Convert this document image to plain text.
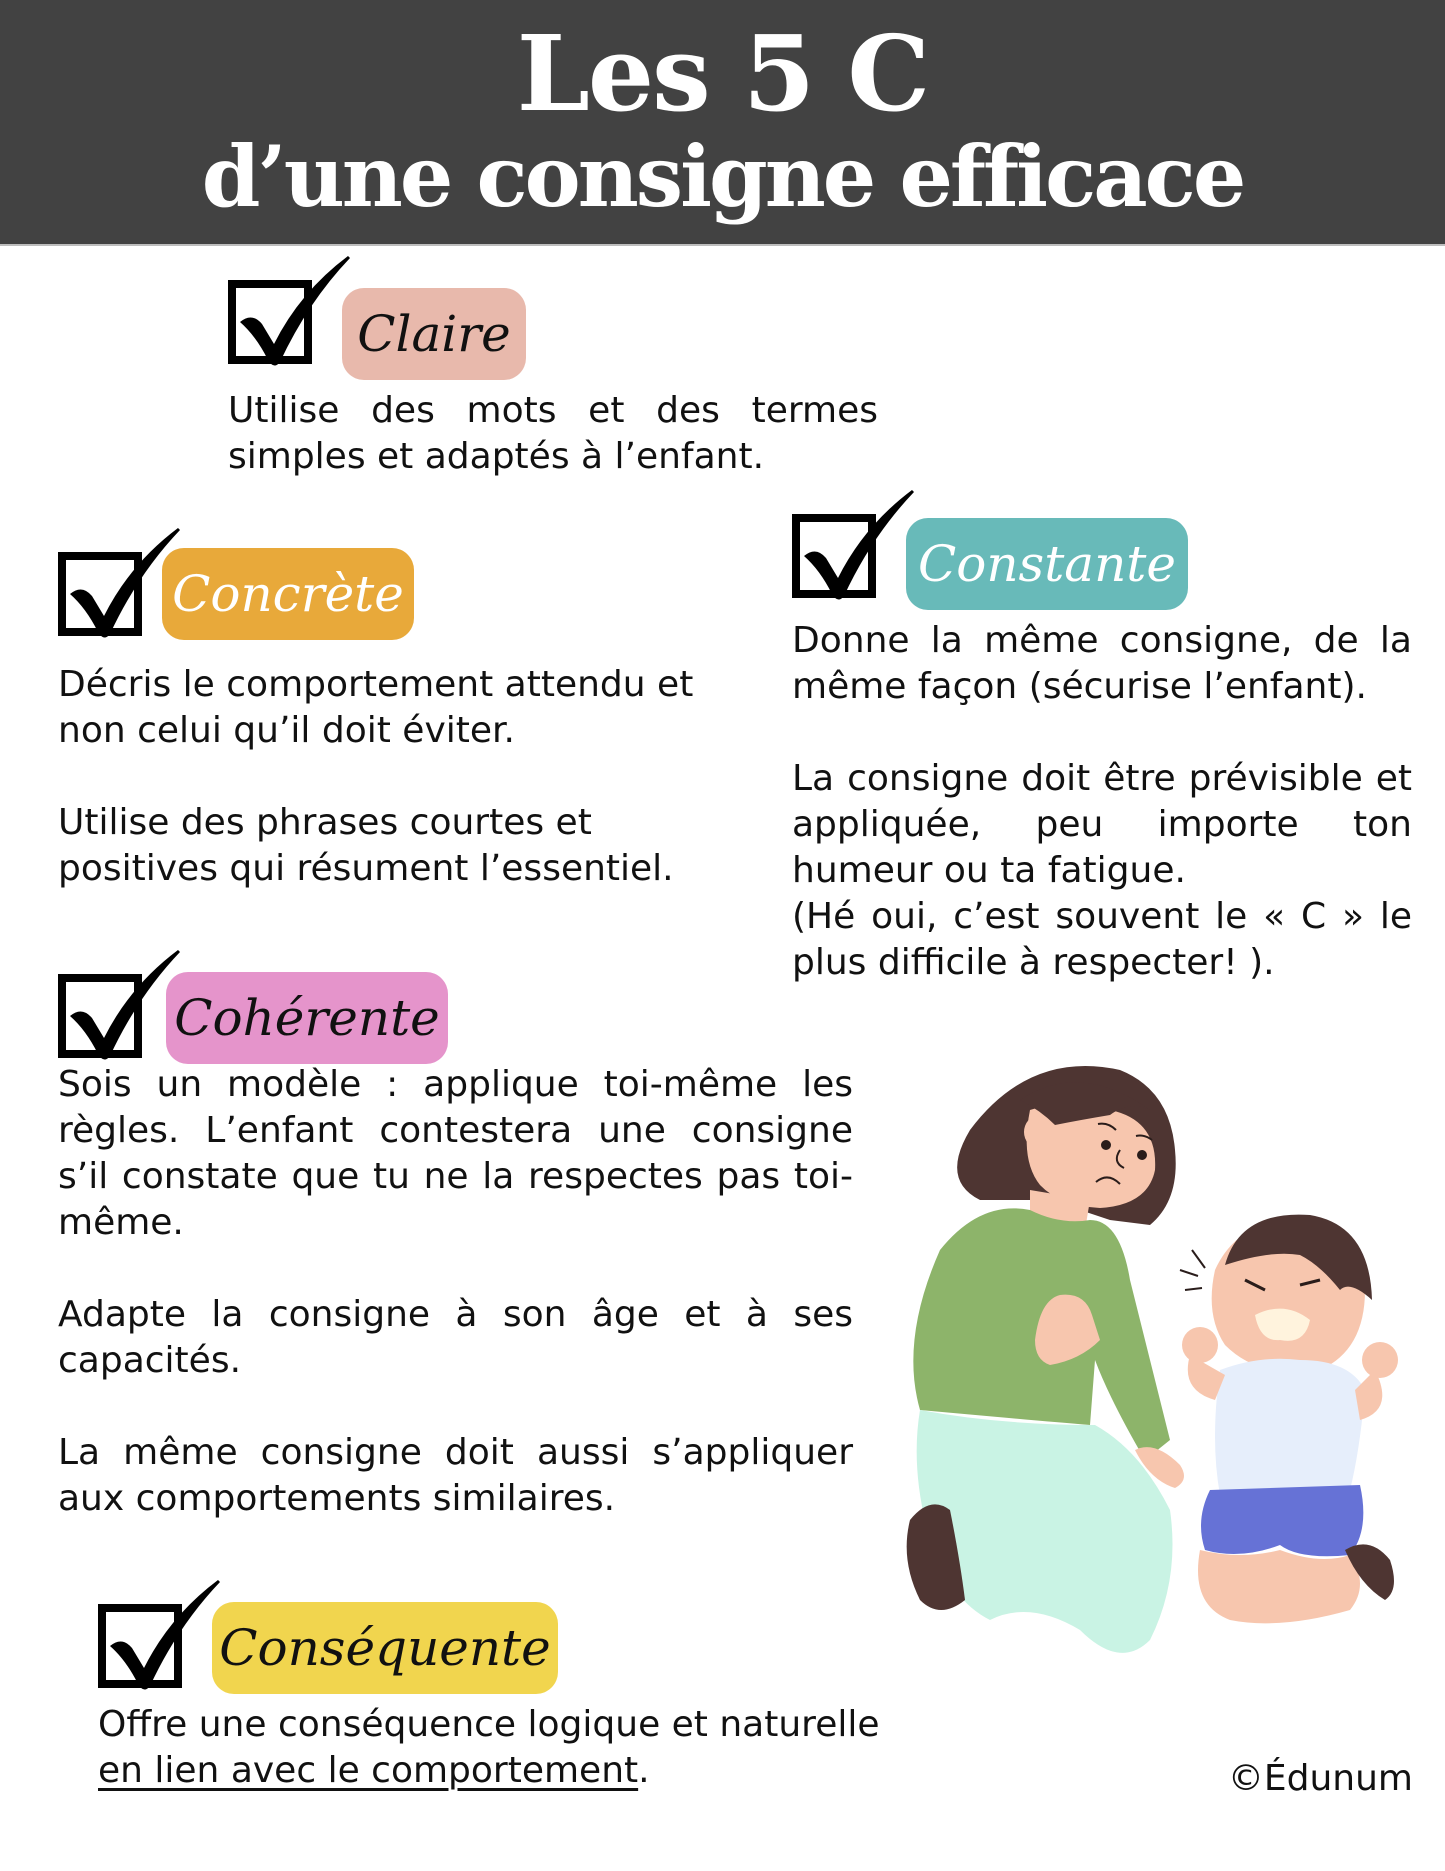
Les 5 C
d’une consigne efficace
Claire

Utilise des mots et des termes simples et adaptés à l’enfant.

Concrète

Décris le comportement attendu et non celui qu’il doit éviter.

Utilise des phrases courtes et positives qui résument l’essentiel.

Constante

Donne la même consigne, de la même façon (sécurise l’enfant).

La consigne doit être prévisible et appliquée, peu importe ton humeur ou ta fatigue.

(Hé oui, c’est souvent le « C » le plus difficile à respecter! ).

Cohérente

Sois un modèle : applique toi-même les règles. L’enfant contestera une consigne s’il constate que tu ne la respectes pas toi-même.

Adapte la consigne à son âge et à ses capacités.

La même consigne doit aussi s’appliquer aux comportements similaires.

Conséquente
Offre une conséquence logique et naturelle
en lien avec le comportement.	©Édunum
